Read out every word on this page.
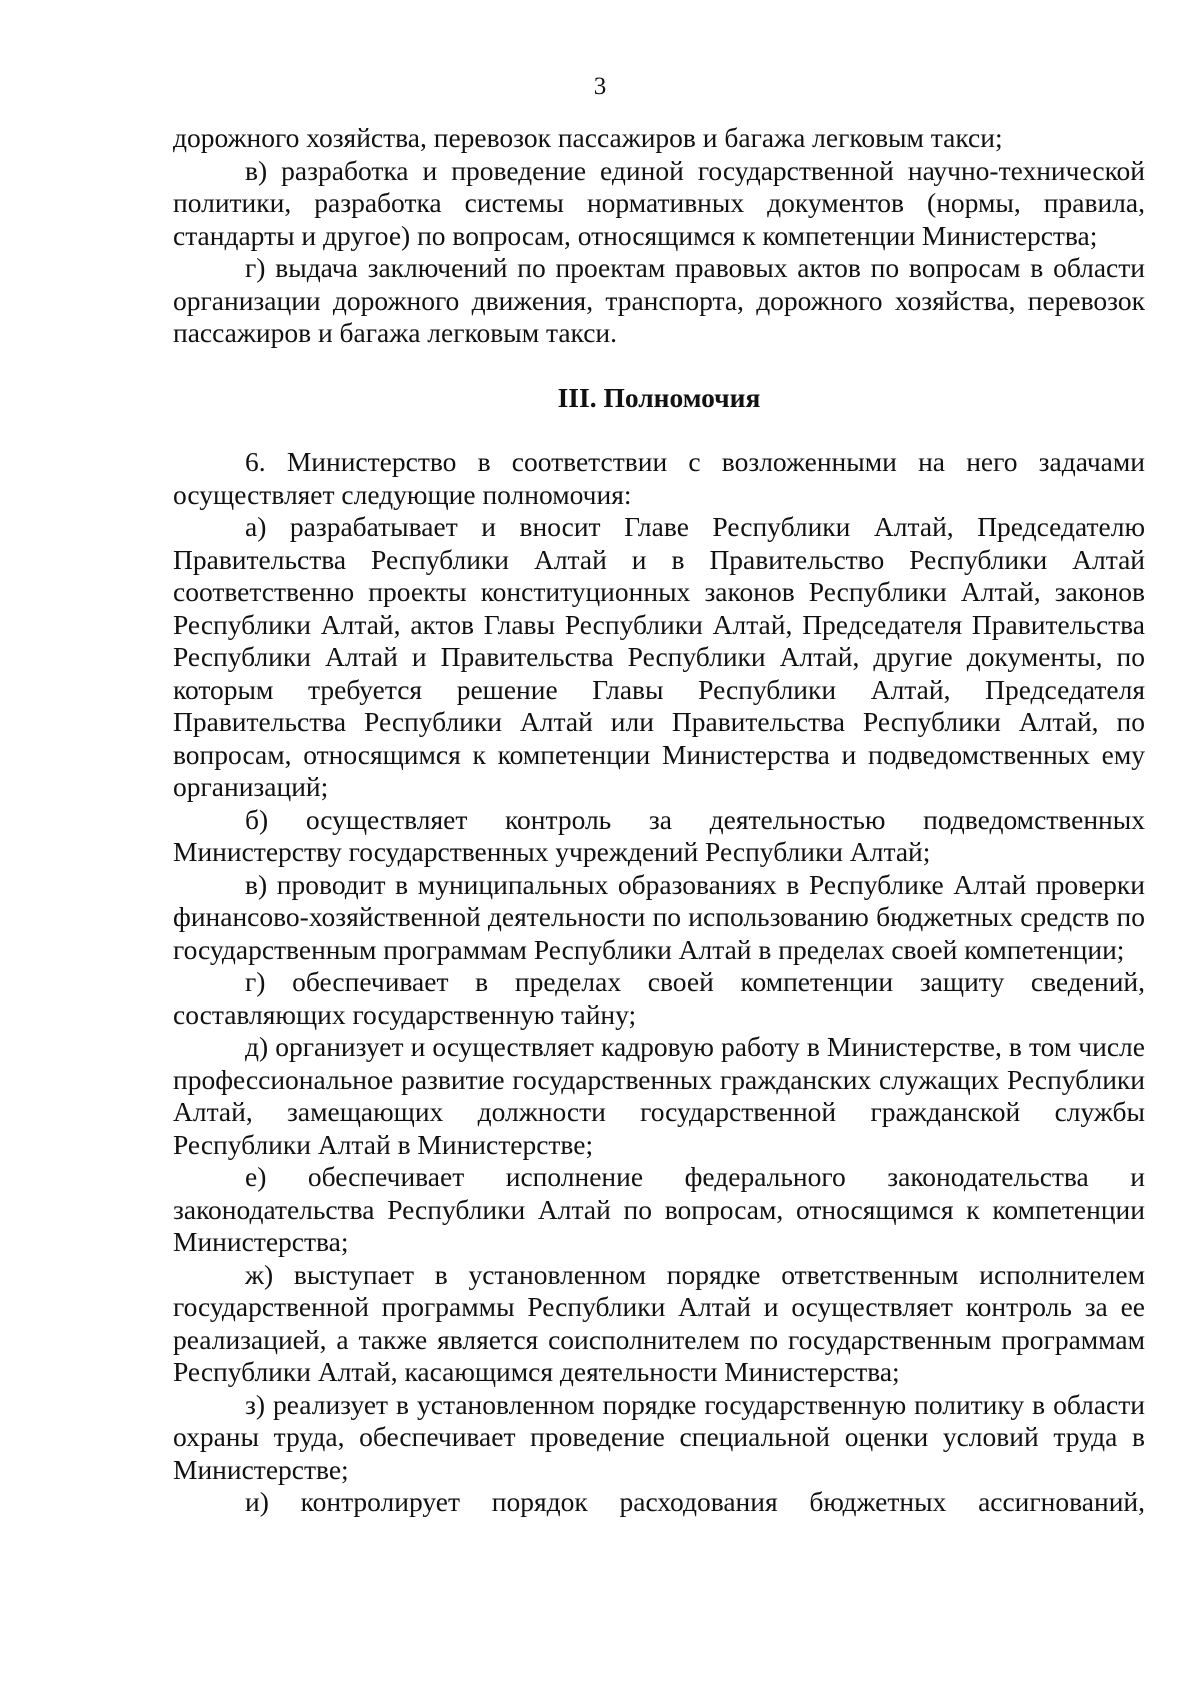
3

дорожного хозяйства, перевозок пассажиров и багажа легковым такси;

в) разработка и проведение единой государственной научно-технической политики, разработка системы нормативных документов (нормы, правила, стандарты и другое) по вопросам, относящимся к компетенции Министерства;

г) выдача заключений по проектам правовых актов по вопросам в области организации дорожного движения, транспорта, дорожного хозяйства, перевозок пассажиров и багажа легковым такси.

III. Полномочия

6. Министерство в соответствии с возложенными на него задачами осуществляет следующие полномочия:

а) разрабатывает и вносит Главе Республики Алтай, Председателю Правительства Республики Алтай и в Правительство Республики Алтай соответственно проекты конституционных законов Республики Алтай, законов Республики Алтай, актов Главы Республики Алтай, Председателя Правительства Республики Алтай и Правительства Республики Алтай, другие документы, по которым требуется решение Главы Республики Алтай, Председателя Правительства Республики Алтай или Правительства Республики Алтай, по вопросам, относящимся к компетенции Министерства и подведомственных ему организаций;

б) осуществляет контроль за деятельностью подведомственных Министерству государственных учреждений Республики Алтай;

в) проводит в муниципальных образованиях в Республике Алтай проверки финансово-хозяйственной деятельности по использованию бюджетных средств по государственным программам Республики Алтай в пределах своей компетенции;

г) обеспечивает в пределах своей компетенции защиту сведений, составляющих государственную тайну;

д) организует и осуществляет кадровую работу в Министерстве, в том числе профессиональное развитие государственных гражданских служащих Республики Алтай, замещающих должности государственной гражданской службы Республики Алтай в Министерстве;

е) обеспечивает исполнение федерального законодательства и законодательства Республики Алтай по вопросам, относящимся к компетенции Министерства;

ж) выступает в установленном порядке ответственным исполнителем государственной программы Республики Алтай и осуществляет контроль за ее реализацией, а также является соисполнителем по государственным программам Республики Алтай, касающимся деятельности Министерства;

з) реализует в установленном порядке государственную политику в области охраны труда, обеспечивает проведение специальной оценки условий труда в Министерстве;

и) контролирует порядок расходования бюджетных ассигнований,
